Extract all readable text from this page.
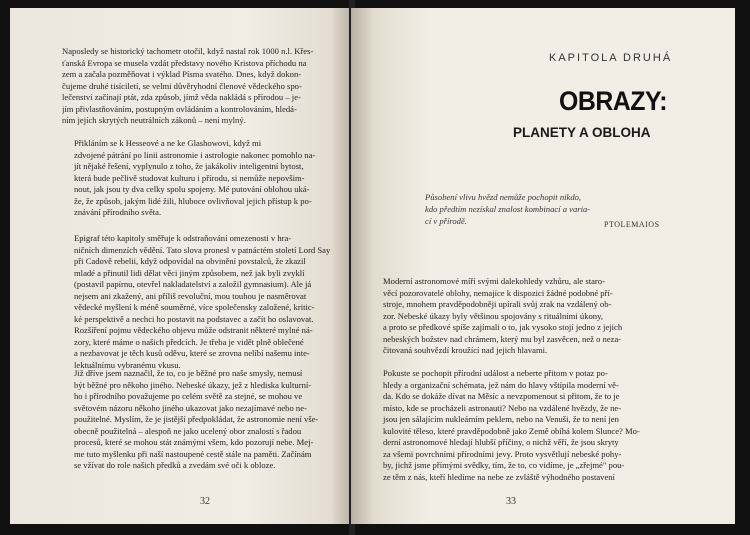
Naposledy se historický tachometr otočil, když nastal rok 1000 n.l. Křes-
ťanská Evropa se musela vzdát představy nového Kristova příchodu na
zem a začala pozměňovat i výklad Písma svatého. Dnes, když dokon-
čujeme druhé tisíciletí, se velmi důvěryhodní členové vědeckého spo-
lečenství začínají ptát, zda způsob, jímž věda nakládá s přírodou – je-
jím přivlastňováním, postupným ovládáním a kontrolováním, hledá-
ním jejích skrytých neutrálních zákonů – není mylný.
Přikláním se k Hesseové a ne ke Glashowovi, když mi
zdvojené pátrání po linii astronomie i astrologie nakonec pomohlo na-
jít nějaké řešení, vyplynulo z toho, že jakákoliv inteligentní bytost,
která bude pečlivě studovat kulturu i přírodu, si nemůže nepovšim-
nout, jak jsou ty dva celky spolu spojeny. Mé putování oblohou uká-
že, že způsob, jakým lidé žili, hluboce ovlivňoval jejich přístup k po-
znávání přírodního světa.
Epigraf této kapitoly směřuje k odstraňování omezenosti v hra-
ničních dimenzích vědění. Tato slova pronesl v patnáctém století Lord Say
při Cadově rebelii, když odpovídal na obvinění povstalců, že zkazil
mladé a přinutil lidi dělat věci jiným způsobem, než jak byli zvyklí
(postavil papírnu, otevřel nakladatelství a založil gymnasium). Ale já
nejsem ani zkažený, ani příliš revoluční, mou touhou je nasměrovat
vědecké myšlení k méně souměrné, více společensky založené, kritic-
ké perspektivě a nechci ho postavit na podstavec a začít ho oslavovat.
Rozšíření pojmu vědeckého objevu může odstranit některé mylné ná-
zory, které máme o našich předcích. Je třeba je vidět plně oblečené
a nezbavovat je těch kusů oděvu, které se zrovna nelíbí našemu inte-
lektuálnímu vybranému vkusu.
Již dříve jsem naznačil, že to, co je běžné pro naše smysly, nemusí
být běžné pro někoho jiného. Nebeské úkazy, jež z hlediska kulturní-
ho i přírodního považujeme po celém světě za stejné, se mohou ve
světovém názoru někoho jiného ukazovat jako nezajímavé nebo ne-
použitelné. Myslím, že je jistější předpokládat, že astronomie není vše-
obecně použitelná – alespoň ne jako ucelený obor znalostí s řadou
procesů, které se mohou stát známými všem, kdo pozorují nebe. Mej-
me tuto myšlenku při naší nastoupené cestě stále na paměti. Začínám
se vžívat do role našich předků a zvedám své oči k obloze.
32
KAPITOLA DRUHÁ
OBRAZY:
PLANETY A OBLOHA
Působení vlivu hvězd nemůže pochopit nikdo,
kdo předtím nezískal znalost kombinací a varia-
cí v přírodě.	PTOLEMAIOS
Moderní astronomové míří svými dalekohledy vzhůru, ale staro-
věcí pozorovatelé oblohy, nemajíce k dispozici žádné podobné pří-
stroje, mnohem pravděpodobněji upírali svůj zrak na vzdálený ob-
zor. Nebeské úkazy byly většinou spojovány s rituálními úkony,
a proto se předkové spíše zajímali o to, jak vysoko stojí jedno z jejich
nebeských božstev nad chrámem, který mu byl zasvěcen, než o neza-
čitovaná souhvězdí kroužící nad jejich hlavami.
Pokuste se pochopit přírodní událost a neberte přitom v potaz po-
hledy a organizační schémata, jež nám do hlavy vštípila moderní vě-
da. Kdo se dokáže dívat na Měsíc a nevzpomenout si přitom, že to je
místo, kde se procházeli astronauti? Nebo na vzdálené hvězdy, že ne-
jsou jen sálajícím nukleárním peklem, nebo na Venuši, že to není jen
kulovité těleso, které pravděpodobně jako Země obíhá kolem Slunce? Mo-
derní astronomové hledají hlubší příčiny, o nichž věří, že jsou skryty
za všemi povrchními přírodními jevy. Proto vysvětlují nebeské pohy-
by, jichž jsme přímými svědky, tím, že to, co vidíme, je „zřejmé" pou-
ze těm z nás, kteří hledíme na nebe ze zvláště výhodného postavení
33
